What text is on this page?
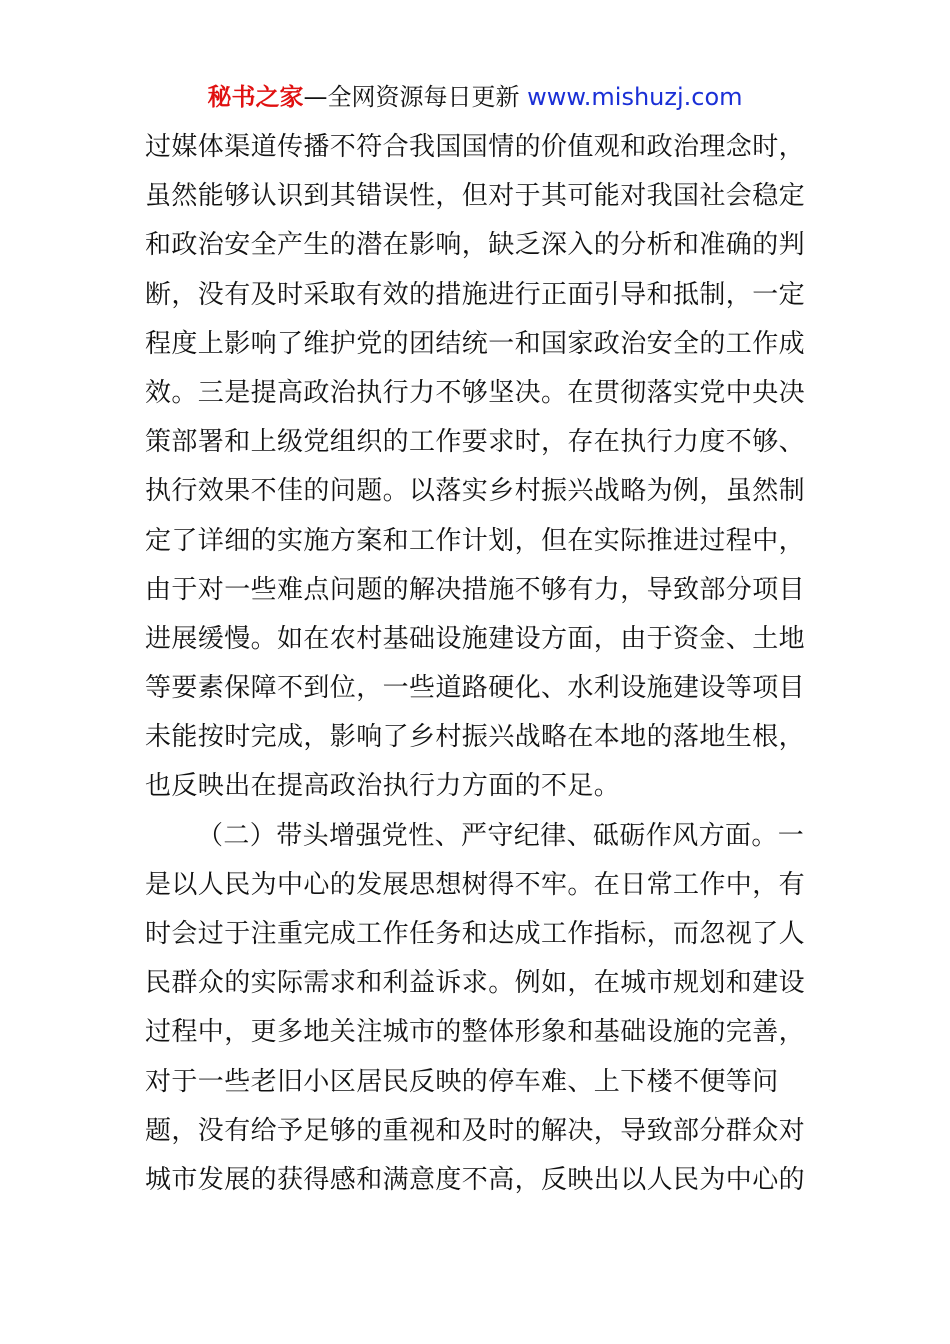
秘书之家—全网资源每日更新 www.mishuzj.com
过媒体渠道传播不符合我国国情的价值观和政治理念时，
虽然能够认识到其错误性，但对于其可能对我国社会稳定
和政治安全产生的潜在影响，缺乏深入的分析和准确的判
断，没有及时采取有效的措施进行正面引导和抵制，一定
程度上影响了维护党的团结统一和国家政治安全的工作成
效。三是提高政治执行力不够坚决。在贯彻落实党中央决
策部署和上级党组织的工作要求时，存在执行力度不够、
执行效果不佳的问题。以落实乡村振兴战略为例，虽然制
定了详细的实施方案和工作计划，但在实际推进过程中，
由于对一些难点问题的解决措施不够有力，导致部分项目
进展缓慢。如在农村基础设施建设方面，由于资金、土地
等要素保障不到位，一些道路硬化、水利设施建设等项目
未能按时完成，影响了乡村振兴战略在本地的落地生根，
也反映出在提高政治执行力方面的不足。
（二）带头增强党性、严守纪律、砥砺作风方面。一
是以人民为中心的发展思想树得不牢。在日常工作中，有
时会过于注重完成工作任务和达成工作指标，而忽视了人
民群众的实际需求和利益诉求。例如，在城市规划和建设
过程中，更多地关注城市的整体形象和基础设施的完善，
对于一些老旧小区居民反映的停车难、上下楼不便等问
题，没有给予足够的重视和及时的解决，导致部分群众对
城市发展的获得感和满意度不高，反映出以人民为中心的
